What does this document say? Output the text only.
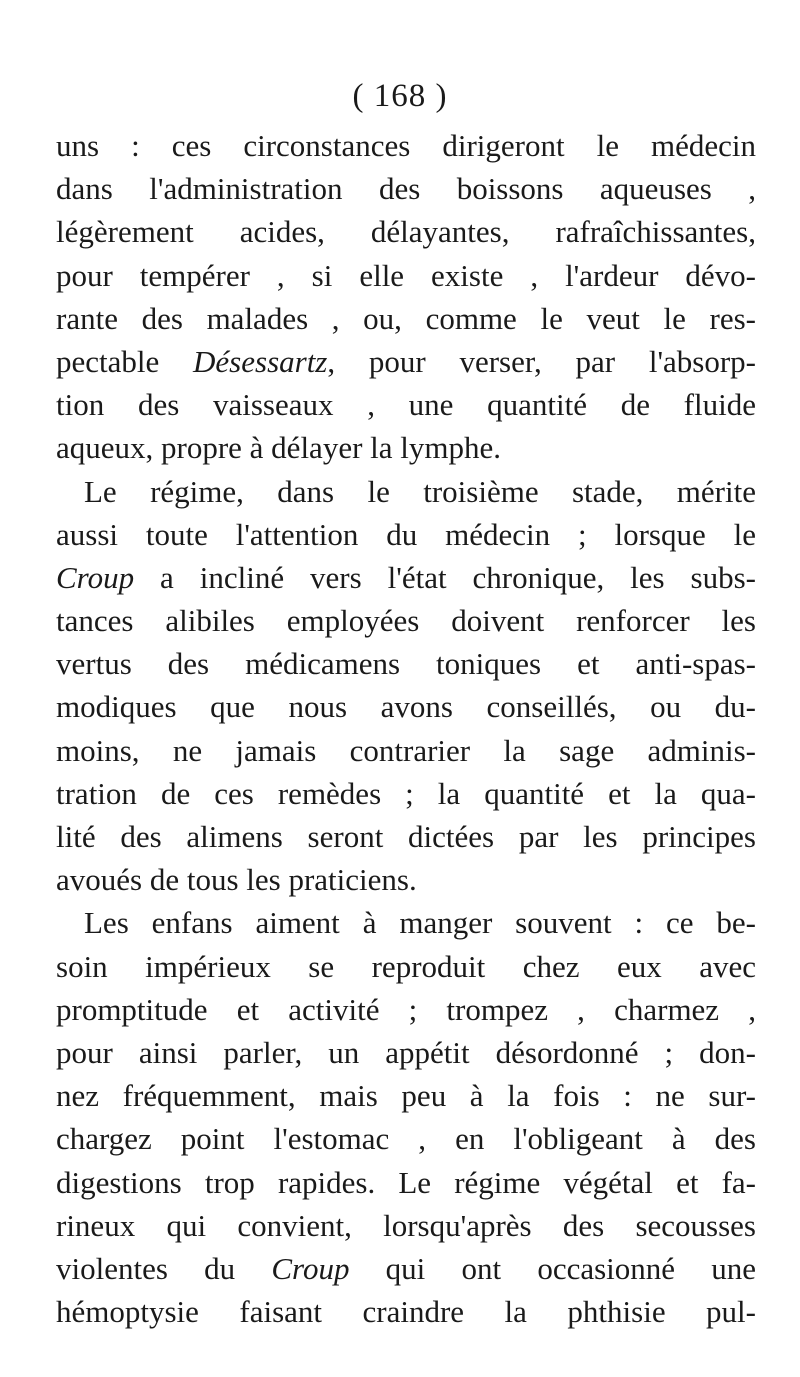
( 168 )
uns : ces circonstances dirigeront le médecin
dans l'administration des boissons aqueuses ,
légèrement acides, délayantes, rafraîchissantes,
pour tempérer , si elle existe , l'ardeur dévo-
rante des malades , ou, comme le veut le res-
pectable Désessartz, pour verser, par l'absorp-
tion des vaisseaux , une quantité de fluide
aqueux, propre à délayer la lymphe.
Le régime, dans le troisième stade, mérite
aussi toute l'attention du médecin ; lorsque le
Croup a incliné vers l'état chronique, les subs-
tances alibiles employées doivent renforcer les
vertus des médicamens toniques et anti-spas-
modiques que nous avons conseillés, ou du-
moins, ne jamais contrarier la sage adminis-
tration de ces remèdes ; la quantité et la qua-
lité des alimens seront dictées par les principes
avoués de tous les praticiens.
Les enfans aiment à manger souvent : ce be-
soin impérieux se reproduit chez eux avec
promptitude et activité ; trompez , charmez ,
pour ainsi parler, un appétit désordonné ; don-
nez fréquemment, mais peu à la fois : ne sur-
chargez point l'estomac , en l'obligeant à des
digestions trop rapides. Le régime végétal et fa-
rineux qui convient, lorsqu'après des secousses
violentes du Croup qui ont occasionné une
hémoptysie faisant craindre la phthisie pul-
